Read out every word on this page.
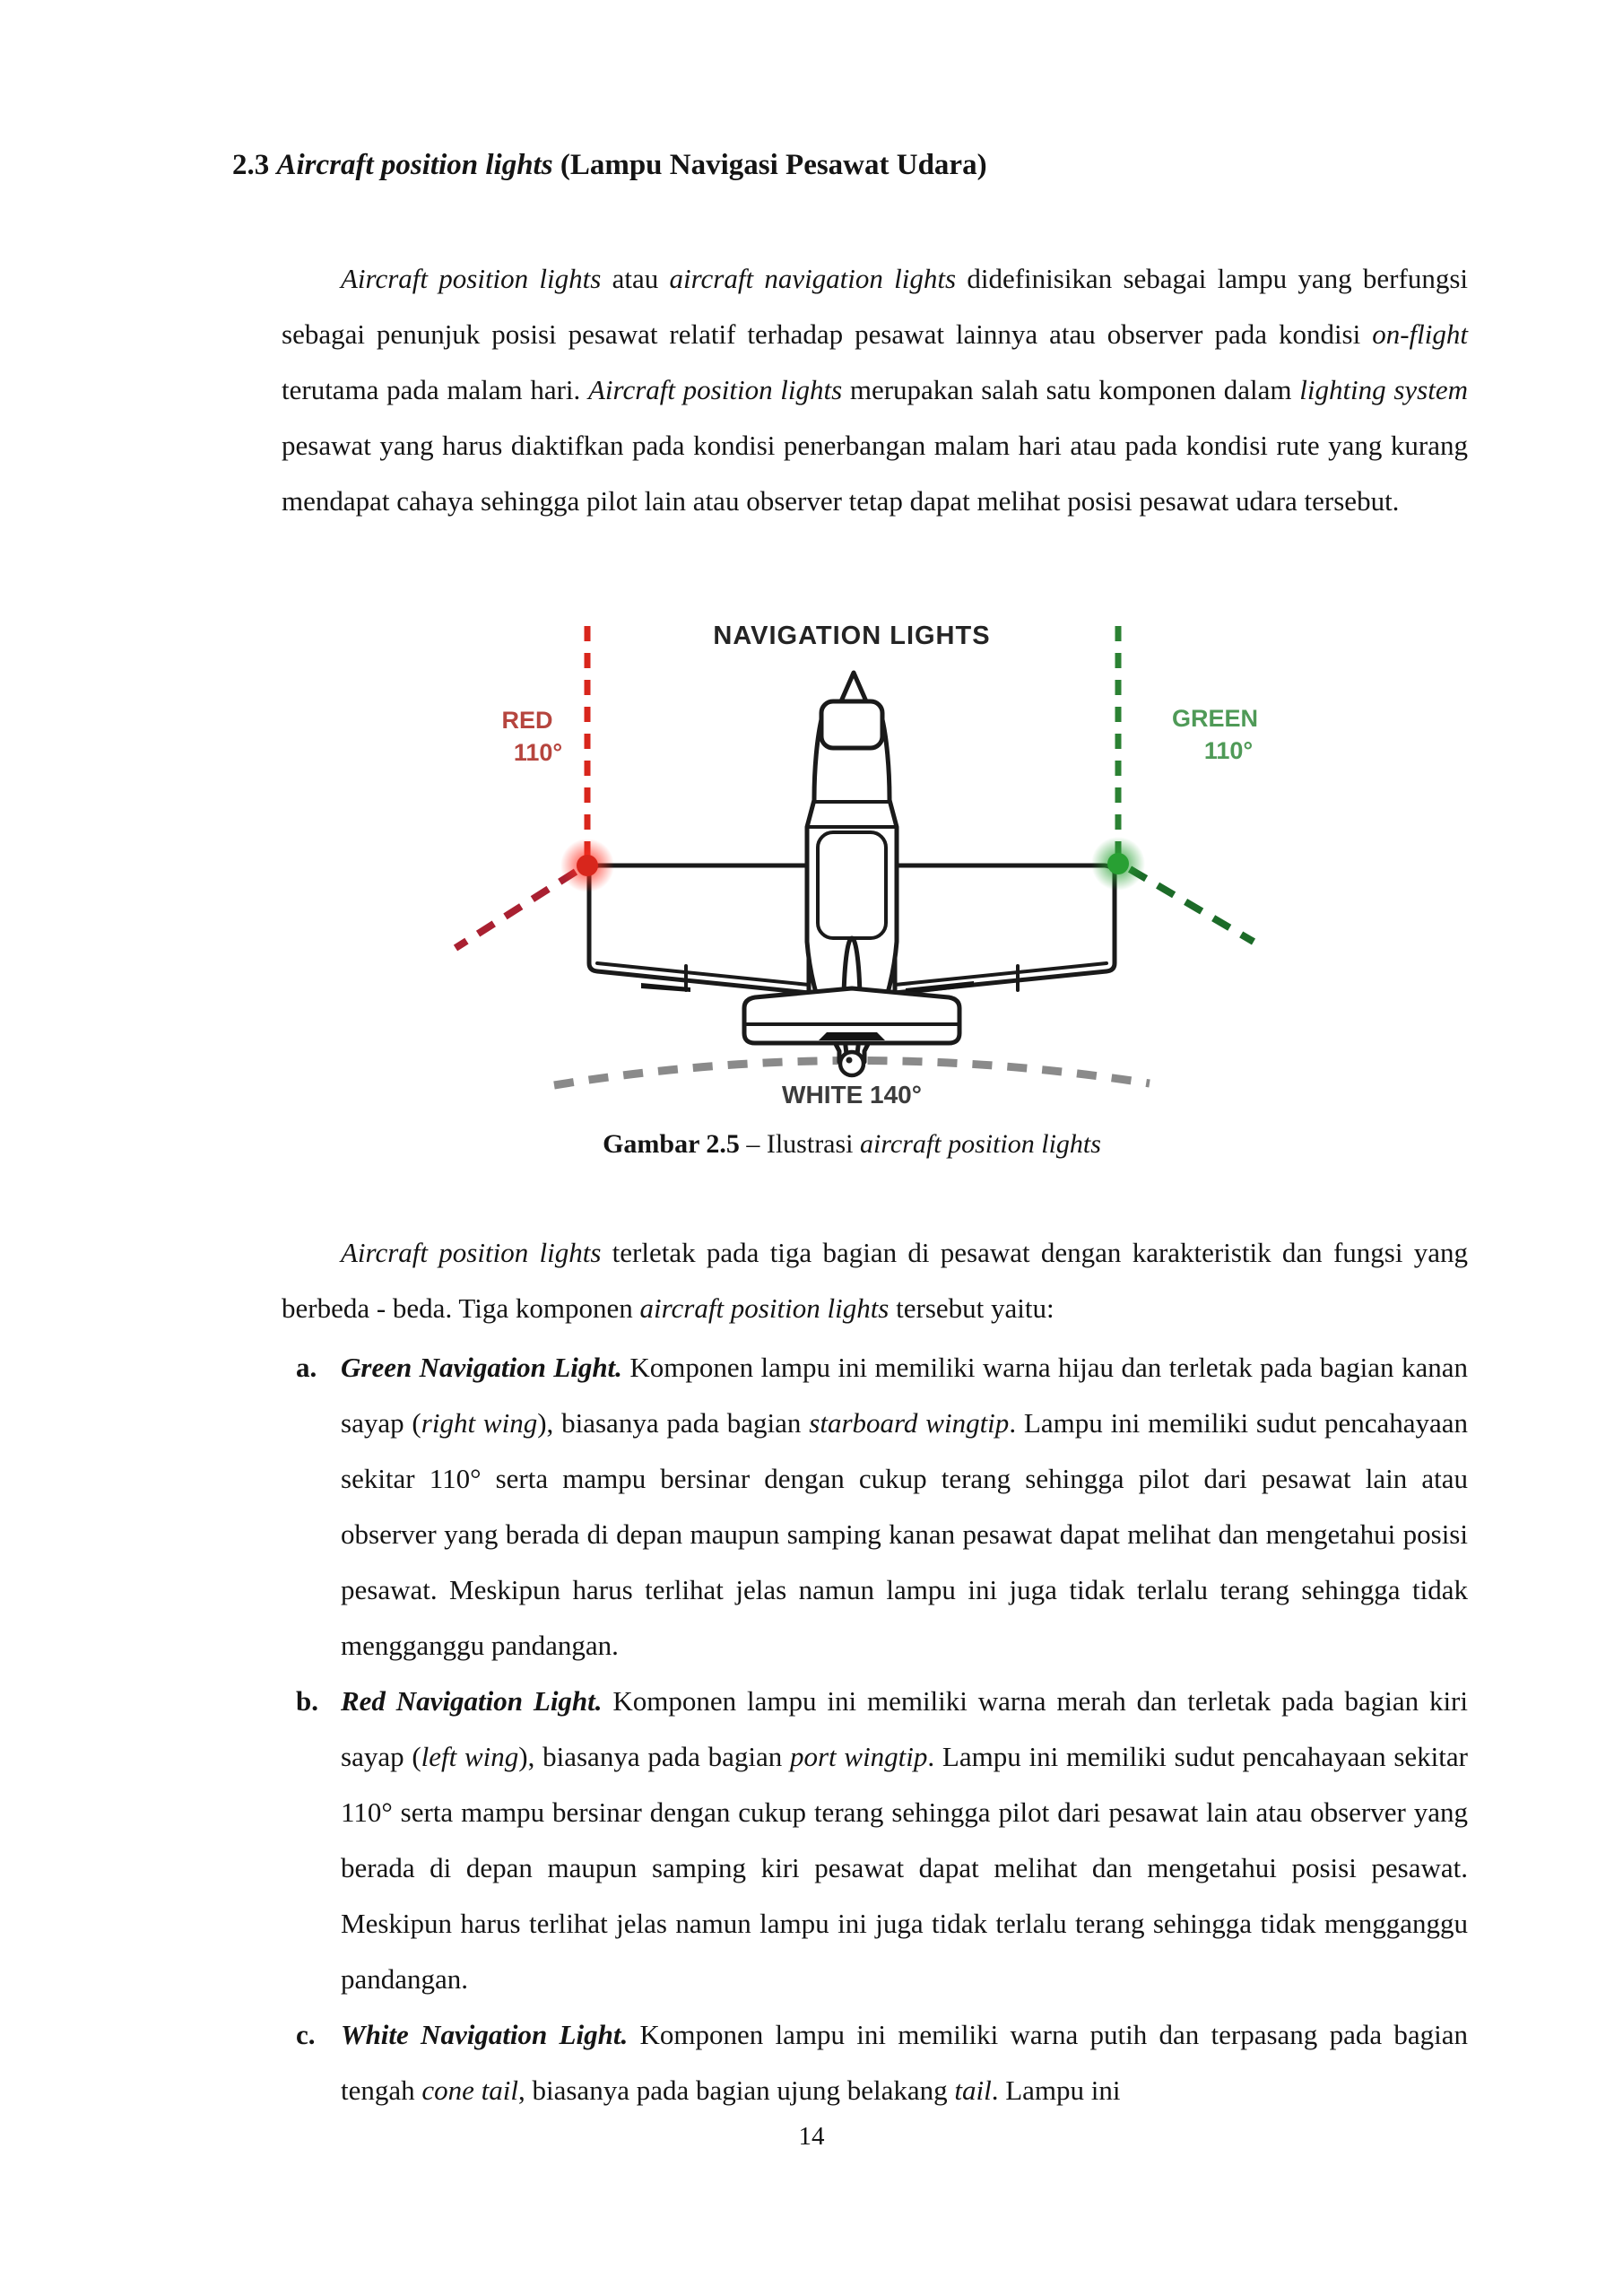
2.3 Aircraft position lights (Lampu Navigasi Pesawat Udara)
Aircraft position lights atau aircraft navigation lights didefinisikan sebagai lampu yang berfungsi sebagai penunjuk posisi pesawat relatif terhadap pesawat lainnya atau observer pada kondisi on-flight terutama pada malam hari. Aircraft position lights merupakan salah satu komponen dalam lighting system pesawat yang harus diaktifkan pada kondisi penerbangan malam hari atau pada kondisi rute yang kurang mendapat cahaya sehingga pilot lain atau observer tetap dapat melihat posisi pesawat udara tersebut.
NAVIGATION LIGHTS
RED
110°
GREEN
110°
WHITE 140°
Gambar 2.5 – Ilustrasi aircraft position lights
Aircraft position lights terletak pada tiga bagian di pesawat dengan karakteristik dan fungsi yang berbeda - beda. Tiga komponen aircraft position lights tersebut yaitu:
a. Green Navigation Light. Komponen lampu ini memiliki warna hijau dan terletak pada bagian kanan sayap (right wing), biasanya pada bagian starboard wingtip. Lampu ini memiliki sudut pencahayaan sekitar 110° serta mampu bersinar dengan cukup terang sehingga pilot dari pesawat lain atau observer yang berada di depan maupun samping kanan pesawat dapat melihat dan mengetahui posisi pesawat. Meskipun harus terlihat jelas namun lampu ini juga tidak terlalu terang sehingga tidak mengganggu pandangan.
b. Red Navigation Light. Komponen lampu ini memiliki warna merah dan terletak pada bagian kiri sayap (left wing), biasanya pada bagian port wingtip. Lampu ini memiliki sudut pencahayaan sekitar 110° serta mampu bersinar dengan cukup terang sehingga pilot dari pesawat lain atau observer yang berada di depan maupun samping kiri pesawat dapat melihat dan mengetahui posisi pesawat. Meskipun harus terlihat jelas namun lampu ini juga tidak terlalu terang sehingga tidak mengganggu pandangan.
c. White Navigation Light. Komponen lampu ini memiliki warna putih dan terpasang pada bagian tengah cone tail, biasanya pada bagian ujung belakang tail. Lampu ini
14
